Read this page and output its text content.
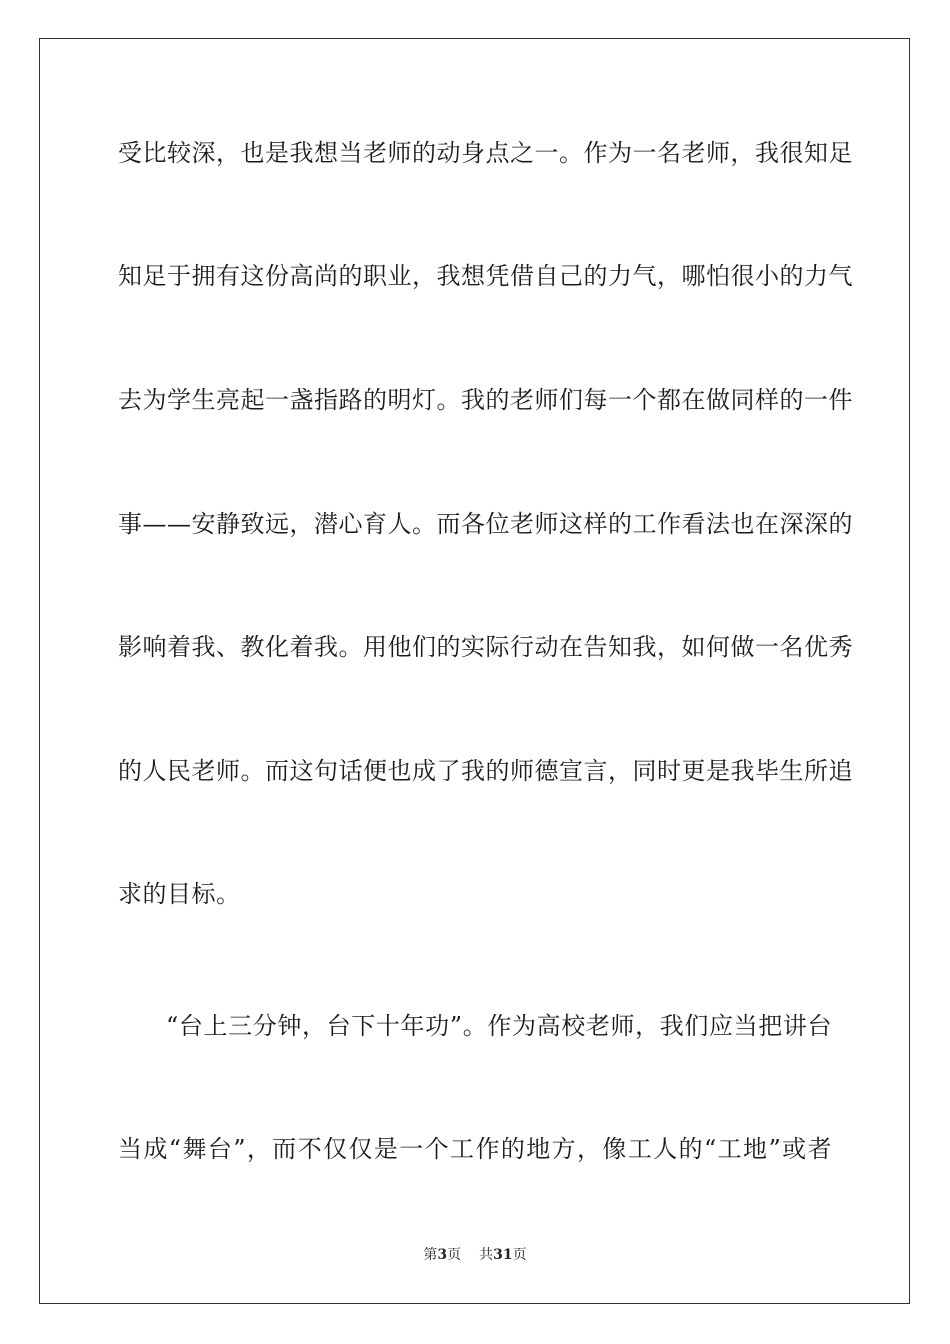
受比较深，也是我想当老师的动身点之一。作为一名老师，我很知足
知足于拥有这份高尚的职业，我想凭借自己的力气，哪怕很小的力气
去为学生亮起一盏指路的明灯。我的老师们每一个都在做同样的一件
事——安静致远，潜心育人。而各位老师这样的工作看法也在深深的
影响着我、教化着我。用他们的实际行动在告知我，如何做一名优秀
的人民老师。而这句话便也成了我的师德宣言，同时更是我毕生所追
求的目标。
“台上三分钟，台下十年功”。作为高校老师，我们应当把讲台
当成“舞台”，而不仅仅是一个工作的地方，像工人的“工地”或者
第3页 共31页
